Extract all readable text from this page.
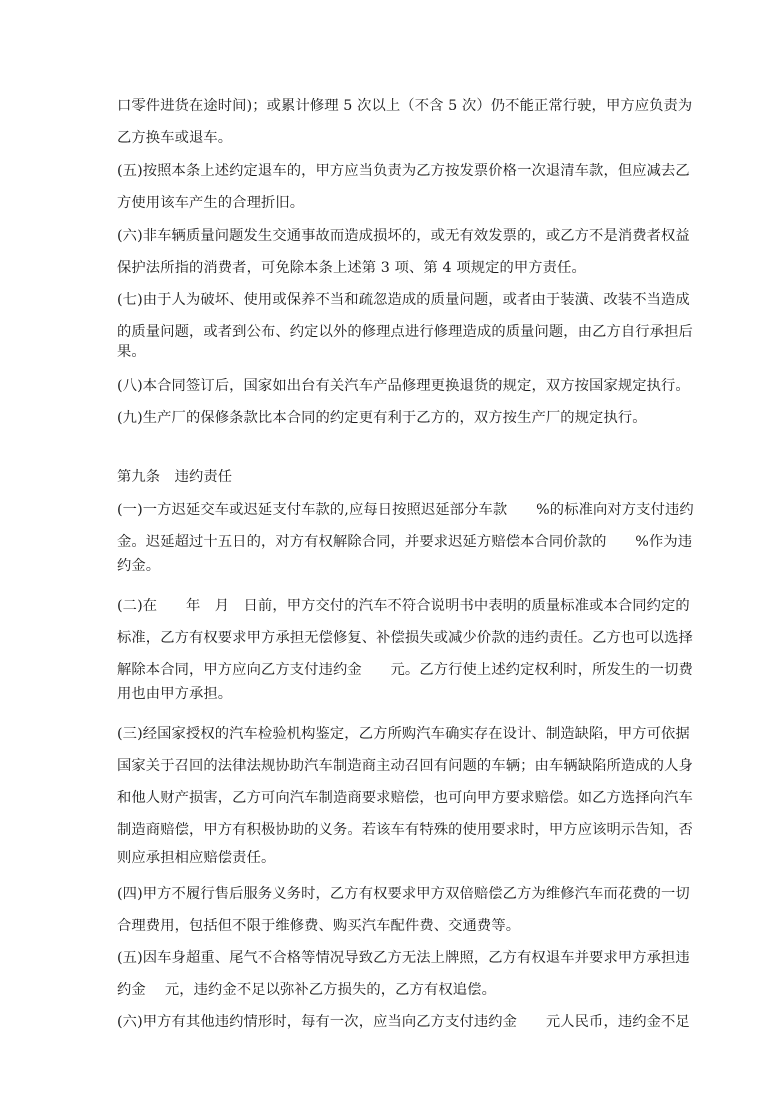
口零件进货在途时间)；或累计修理 5 次以上（不含 5 次）仍不能正常行驶，甲方应负责为
乙方换车或退车。
(五)按照本条上述约定退车的，甲方应当负责为乙方按发票价格一次退清车款，但应减去乙
方使用该车产生的合理折旧。
(六)非车辆质量问题发生交通事故而造成损坏的，或无有效发票的，或乙方不是消费者权益
保护法所指的消费者，可免除本条上述第 3 项、第 4 项规定的甲方责任。
(七)由于人为破坏、使用或保养不当和疏忽造成的质量问题，或者由于装潢、改装不当造成
的质量问题，或者到公布、约定以外的修理点进行修理造成的质量问题，由乙方自行承担后
果。
(八)本合同签订后，国家如出台有关汽车产品修理更换退货的规定，双方按国家规定执行。
(九)生产厂的保修条款比本合同的约定更有利于乙方的，双方按生产厂的规定执行。
第九条　违约责任
(一)一方迟延交车或迟延支付车款的,应每日按照迟延部分车款　　%的标准向对方支付违约
金。迟延超过十五日的，对方有权解除合同，并要求迟延方赔偿本合同价款的　　%作为违
约金。
(二)在　　年　月　日前，甲方交付的汽车不符合说明书中表明的质量标准或本合同约定的
标准，乙方有权要求甲方承担无偿修复、补偿损失或减少价款的违约责任。乙方也可以选择
解除本合同，甲方应向乙方支付违约金　　元。乙方行使上述约定权利时，所发生的一切费
用也由甲方承担。
(三)经国家授权的汽车检验机构鉴定，乙方所购汽车确实存在设计、制造缺陷，甲方可依据
国家关于召回的法律法规协助汽车制造商主动召回有问题的车辆；由车辆缺陷所造成的人身
和他人财产损害，乙方可向汽车制造商要求赔偿，也可向甲方要求赔偿。如乙方选择向汽车
制造商赔偿，甲方有积极协助的义务。若该车有特殊的使用要求时，甲方应该明示告知，否
则应承担相应赔偿责任。
(四)甲方不履行售后服务义务时，乙方有权要求甲方双倍赔偿乙方为维修汽车而花费的一切
合理费用，包括但不限于维修费、购买汽车配件费、交通费等。
(五)因车身超重、尾气不合格等情况导致乙方无法上牌照，乙方有权退车并要求甲方承担违
约金　 元，违约金不足以弥补乙方损失的，乙方有权追偿。
(六)甲方有其他违约情形时，每有一次，应当向乙方支付违约金　　元人民币，违约金不足
